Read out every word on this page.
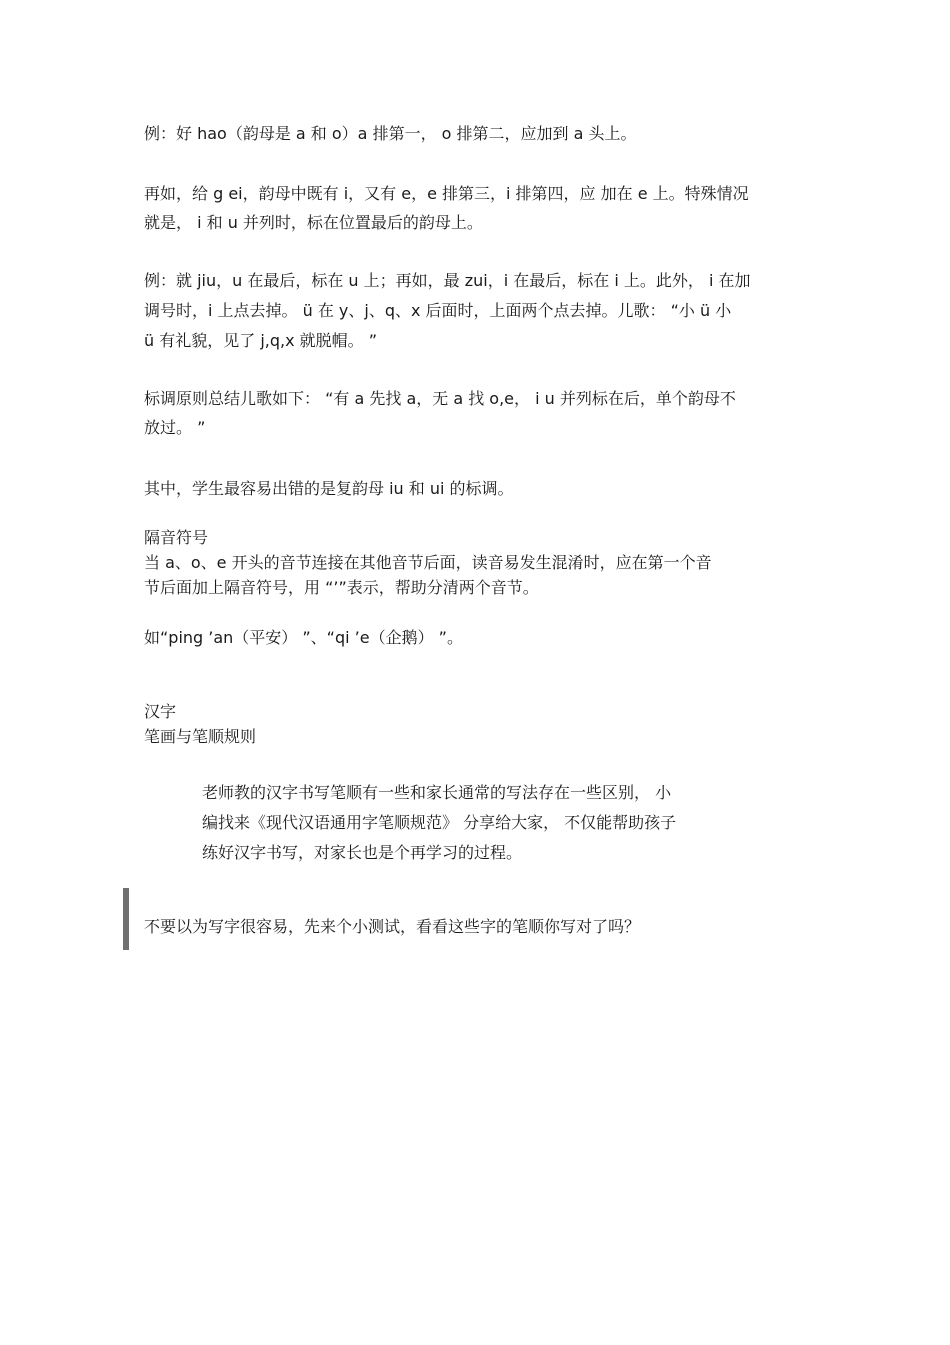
例：好 hao（韵母是 a 和 o）a 排第一， o 排第二，应加到 a 头上。
再如，给 g ei，韵母中既有 i，又有 e，e 排第三，i 排第四，应 加在 e 上。特殊情况
就是， i 和 u 并列时，标在位置最后的韵母上。
例：就 jiu，u 在最后，标在 u 上；再如，最 zui，i 在最后，标在 i 上。此外， i 在加
调号时，i 上点去掉。 ü 在 y、j、q、x 后面时，上面两个点去掉。儿歌： “小 ü 小
ü 有礼貌，见了 j,q,x 就脱帽。 ”
标调原则总结儿歌如下： “有 a 先找 a，无 a 找 o,e， i u 并列标在后，单个韵母不
放过。 ”
其中，学生最容易出错的是复韵母 iu 和 ui 的标调。
隔音符号
当 a、o、e 开头的音节连接在其他音节后面，读音易发生混淆时，应在第一个音
节后面加上隔音符号，用 “’”表示，帮助分清两个音节。
如“ping ’an（平安） ”、“qi ’e（企鹅） ”。
汉字
笔画与笔顺规则
老师教的汉字书写笔顺有一些和家长通常的写法存在一些区别， 小
编找来《现代汉语通用字笔顺规范》 分享给大家， 不仅能帮助孩子
练好汉字书写，对家长也是个再学习的过程。
不要以为写字很容易，先来个小测试，看看这些字的笔顺你写对了吗？
